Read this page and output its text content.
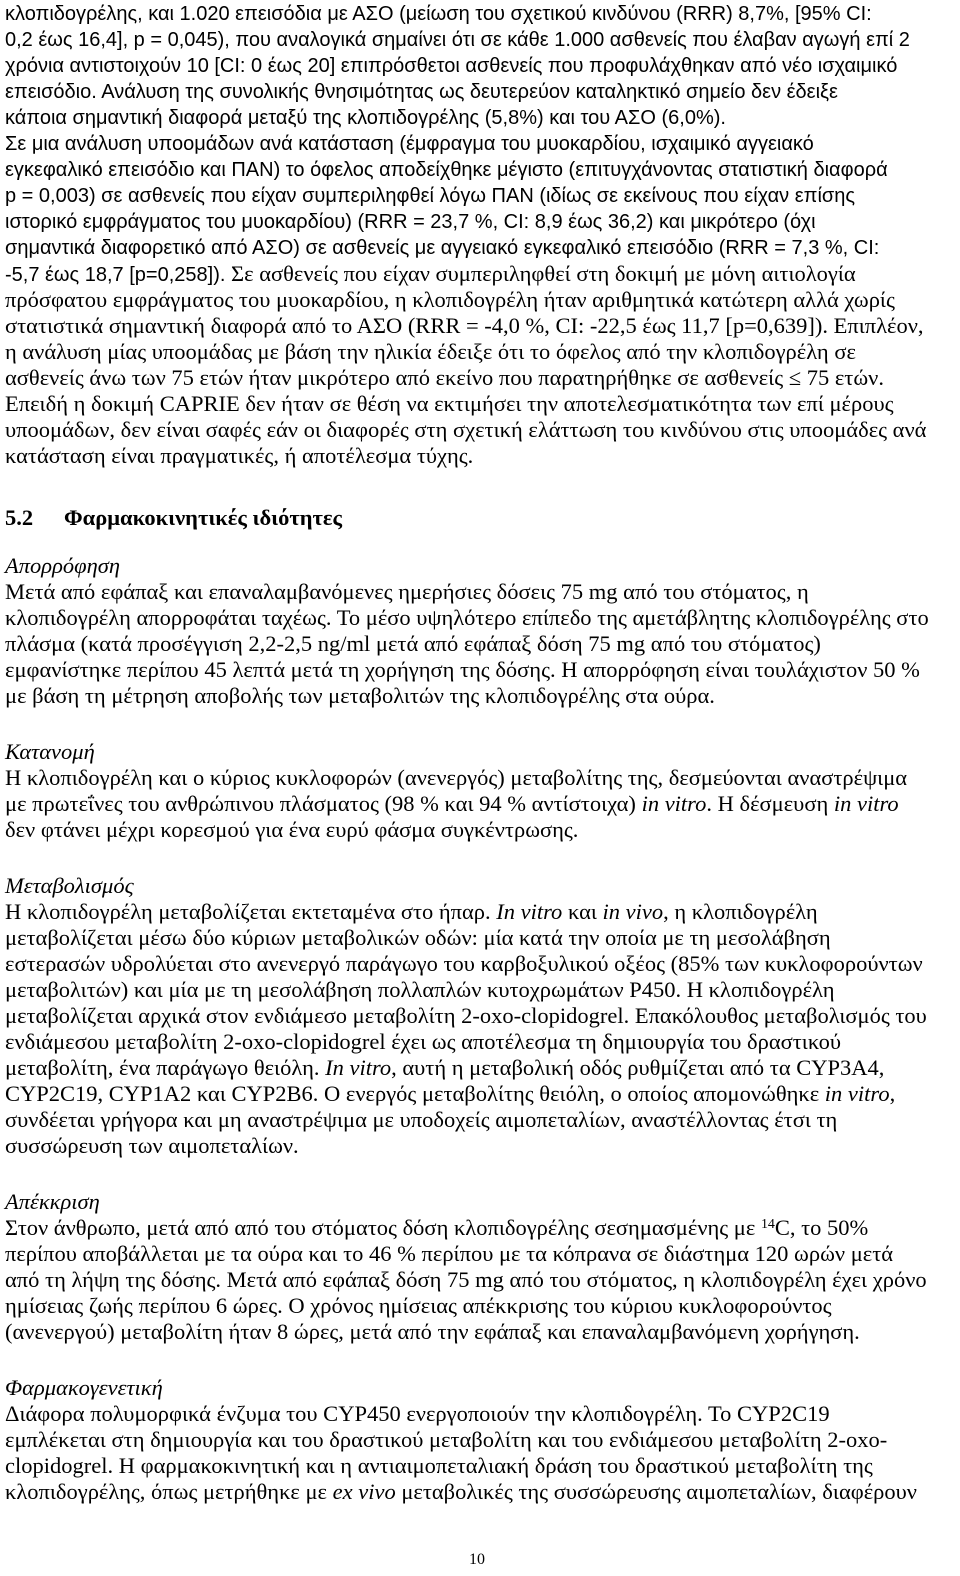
κλοπιδογρέλης, και 1.020 επεισόδια με ΑΣΟ (μείωση του σχετικού κινδύνου (RRR) 8,7%, [95% CI:
0,2 έως 16,4], p = 0,045), που αναλογικά σημαίνει ότι σε κάθε 1.000 ασθενείς που έλαβαν αγωγή επί 2
χρόνια αντιστοιχούν 10 [CI: 0 έως 20] επιπρόσθετοι ασθενείς που προφυλάχθηκαν από νέο ισχαιμικό
επεισόδιο. Ανάλυση της συνολικής θνησιμότητας ως δευτερεύον καταληκτικό σημείο δεν έδειξε
κάποια σημαντική διαφορά μεταξύ της κλοπιδογρέλης (5,8%) και του ΑΣΟ (6,0%).
Σε μια ανάλυση υποομάδων ανά κατάσταση (έμφραγμα του μυοκαρδίου, ισχαιμικό αγγειακό
εγκεφαλικό επεισόδιο και ΠΑΝ) το όφελος αποδείχθηκε μέγιστο (επιτυγχάνοντας στατιστική διαφορά
p = 0,003) σε ασθενείς που είχαν συμπεριληφθεί λόγω ΠΑΝ (ιδίως σε εκείνους που είχαν επίσης
ιστορικό εμφράγματος του μυοκαρδίου) (RRR = 23,7 %, CI: 8,9 έως 36,2) και μικρότερο (όχι
σημαντικά διαφορετικό από ΑΣΟ) σε ασθενείς με αγγειακό εγκεφαλικό επεισόδιο (RRR = 7,3 %, CI:
-5,7 έως 18,7 [p=0,258]). Σε ασθενείς που είχαν συμπεριληφθεί στη δοκιμή με μόνη αιτιολογία
πρόσφατου εμφράγματος του μυοκαρδίου, η κλοπιδογρέλη ήταν αριθμητικά κατώτερη αλλά χωρίς
στατιστικά σημαντική διαφορά από το ΑΣΟ (RRR = -4,0 %, CI: -22,5 έως 11,7 [p=0,639]). Επιπλέον,
η ανάλυση μίας υποομάδας με βάση την ηλικία έδειξε ότι το όφελος από την κλοπιδογρέλη σε
ασθενείς άνω των 75 ετών ήταν μικρότερο από εκείνο που παρατηρήθηκε σε ασθενείς ≤ 75 ετών.
Επειδή η δοκιμή CAPRIE δεν ήταν σε θέση να εκτιμήσει την αποτελεσματικότητα των επί μέρους
υποομάδων, δεν είναι σαφές εάν οι διαφορές στη σχετική ελάττωση του κινδύνου στις υποομάδες ανά
κατάσταση είναι πραγματικές, ή αποτέλεσμα τύχης.
5.2 Φαρμακοκινητικές ιδιότητες
Απορρόφηση
Μετά από εφάπαξ και επαναλαμβανόμενες ημερήσιες δόσεις 75 mg από του στόματος, η
κλοπιδογρέλη απορροφάται ταχέως. Το μέσο υψηλότερο επίπεδο της αμετάβλητης κλοπιδογρέλης στο
πλάσμα (κατά προσέγγιση 2,2-2,5 ng/ml μετά από εφάπαξ δόση 75 mg από του στόματος)
εμφανίστηκε περίπου 45 λεπτά μετά τη χορήγηση της δόσης. Η απορρόφηση είναι τουλάχιστον 50 %
με βάση τη μέτρηση αποβολής των μεταβολιτών της κλοπιδογρέλης στα ούρα.
Κατανομή
Η κλοπιδογρέλη και ο κύριος κυκλοφορών (ανενεργός) μεταβολίτης της, δεσμεύονται αναστρέψιμα
με πρωτεΐνες του ανθρώπινου πλάσματος (98 % και 94 % αντίστοιχα) in vitro. Η δέσμευση in vitro
δεν φτάνει μέχρι κορεσμού για ένα ευρύ φάσμα συγκέντρωσης.
Μεταβολισμός
Η κλοπιδογρέλη μεταβολίζεται εκτεταμένα στο ήπαρ. In vitro και in vivo, η κλοπιδογρέλη
μεταβολίζεται μέσω δύο κύριων μεταβολικών οδών: μία κατά την οποία με τη μεσολάβηση
εστερασών υδρολύεται στο ανενεργό παράγωγο του καρβοξυλικού οξέος (85% των κυκλοφορούντων
μεταβολιτών) και μία με τη μεσολάβηση πολλαπλών κυτοχρωμάτων P450. Η κλοπιδογρέλη
μεταβολίζεται αρχικά στον ενδιάμεσο μεταβολίτη 2-oxo-clopidogrel. Επακόλουθος μεταβολισμός του
ενδιάμεσου μεταβολίτη 2-oxo-clopidogrel έχει ως αποτέλεσμα τη δημιουργία του δραστικού
μεταβολίτη, ένα παράγωγο θειόλη. In vitro, αυτή η μεταβολική οδός ρυθμίζεται από τα CYP3A4,
CYP2C19, CYP1A2 και CYP2B6. Ο ενεργός μεταβολίτης θειόλη, ο οποίος απομονώθηκε in vitro,
συνδέεται γρήγορα και μη αναστρέψιμα με υποδοχείς αιμοπεταλίων, αναστέλλοντας έτσι τη
συσσώρευση των αιμοπεταλίων.
Απέκκριση
Στον άνθρωπο, μετά από από του στόματος δόση κλοπιδογρέλης σεσημασμένης με $^{14}$C, το 50%
περίπου αποβάλλεται με τα ούρα και το 46 % περίπου με τα κόπρανα σε διάστημα 120 ωρών μετά
από τη λήψη της δόσης. Μετά από εφάπαξ δόση 75 mg από του στόματος, η κλοπιδογρέλη έχει χρόνο
ημίσειας ζωής περίπου 6 ώρες. Ο χρόνος ημίσειας απέκκρισης του κύριου κυκλοφορούντος
(ανενεργού) μεταβολίτη ήταν 8 ώρες, μετά από την εφάπαξ και επαναλαμβανόμενη χορήγηση.
Φαρμακογενετική
Διάφορα πολυμορφικά ένζυμα του CYP450 ενεργοποιούν την κλοπιδογρέλη. Το CYP2C19
εμπλέκεται στη δημιουργία και του δραστικού μεταβολίτη και του ενδιάμεσου μεταβολίτη 2-oxo-
clopidogrel. Η φαρμακοκινητική και η αντιαιμοπεταλιακή δράση του δραστικού μεταβολίτη της
κλοπιδογρέλης, όπως μετρήθηκε με ex vivo μεταβολικές της συσσώρευσης αιμοπεταλίων, διαφέρουν
10
